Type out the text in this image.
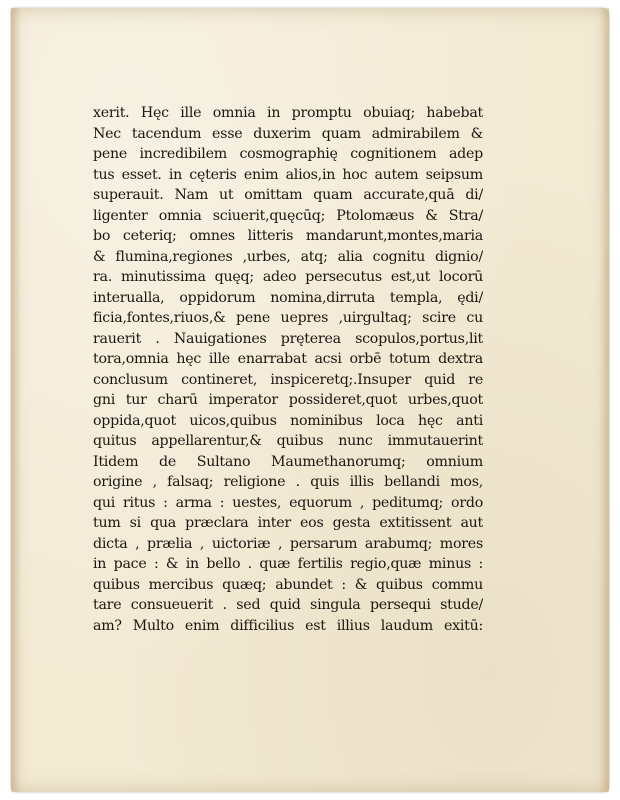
xerit. Hęc ille omnia in promptu obuiaq; habebat
Nec tacendum esse duxerim quam admirabilem &
pene incredibilem cosmographię cognitionem adep
tus esset. in cęteris enim alios,in hoc autem seipsum
superauit. Nam ut omittam quam accurate,quā di/
ligenter omnia sciuerit,quęcūq; Ptolomæus & Stra/
bo ceteriq; omnes litteris mandarunt,montes,maria
& flumina,regiones ,urbes, atq; alia cognitu dignio/
ra. minutissima quęq; adeo persecutus est,ut locorū
interualla, oppidorum nomina,dirruta templa, ędi/
ficia,fontes,riuos,& pene uepres ,uirgultaq; scire cu
rauerit . Nauigationes pręterea scopulos,portus,lit
tora,omnia hęc ille enarrabat acsi orbē totum dextra
conclusum contineret, inspiceretq;.Insuper quid re
gni tur charū imperator possideret,quot urbes,quot
oppida,quot uicos,quibus nominibus loca hęc anti
quitus appellarentur,& quibus nunc immutauerint
Itidem de Sultano Maumethanorumq; omnium
origine , falsaq; religione . quis illis bellandi mos,
qui ritus : arma : uestes, equorum , peditumq; ordo
tum si qua præclara inter eos gesta extitissent aut
dicta , prælia , uictoriæ , persarum arabumq; mores
in pace : & in bello . quæ fertilis regio,quæ minus :
quibus mercibus quæq; abundet : & quibus commu
tare consueuerit . sed quid singula persequi stude/
am? Multo enim difficilius est illius laudum exitū:
